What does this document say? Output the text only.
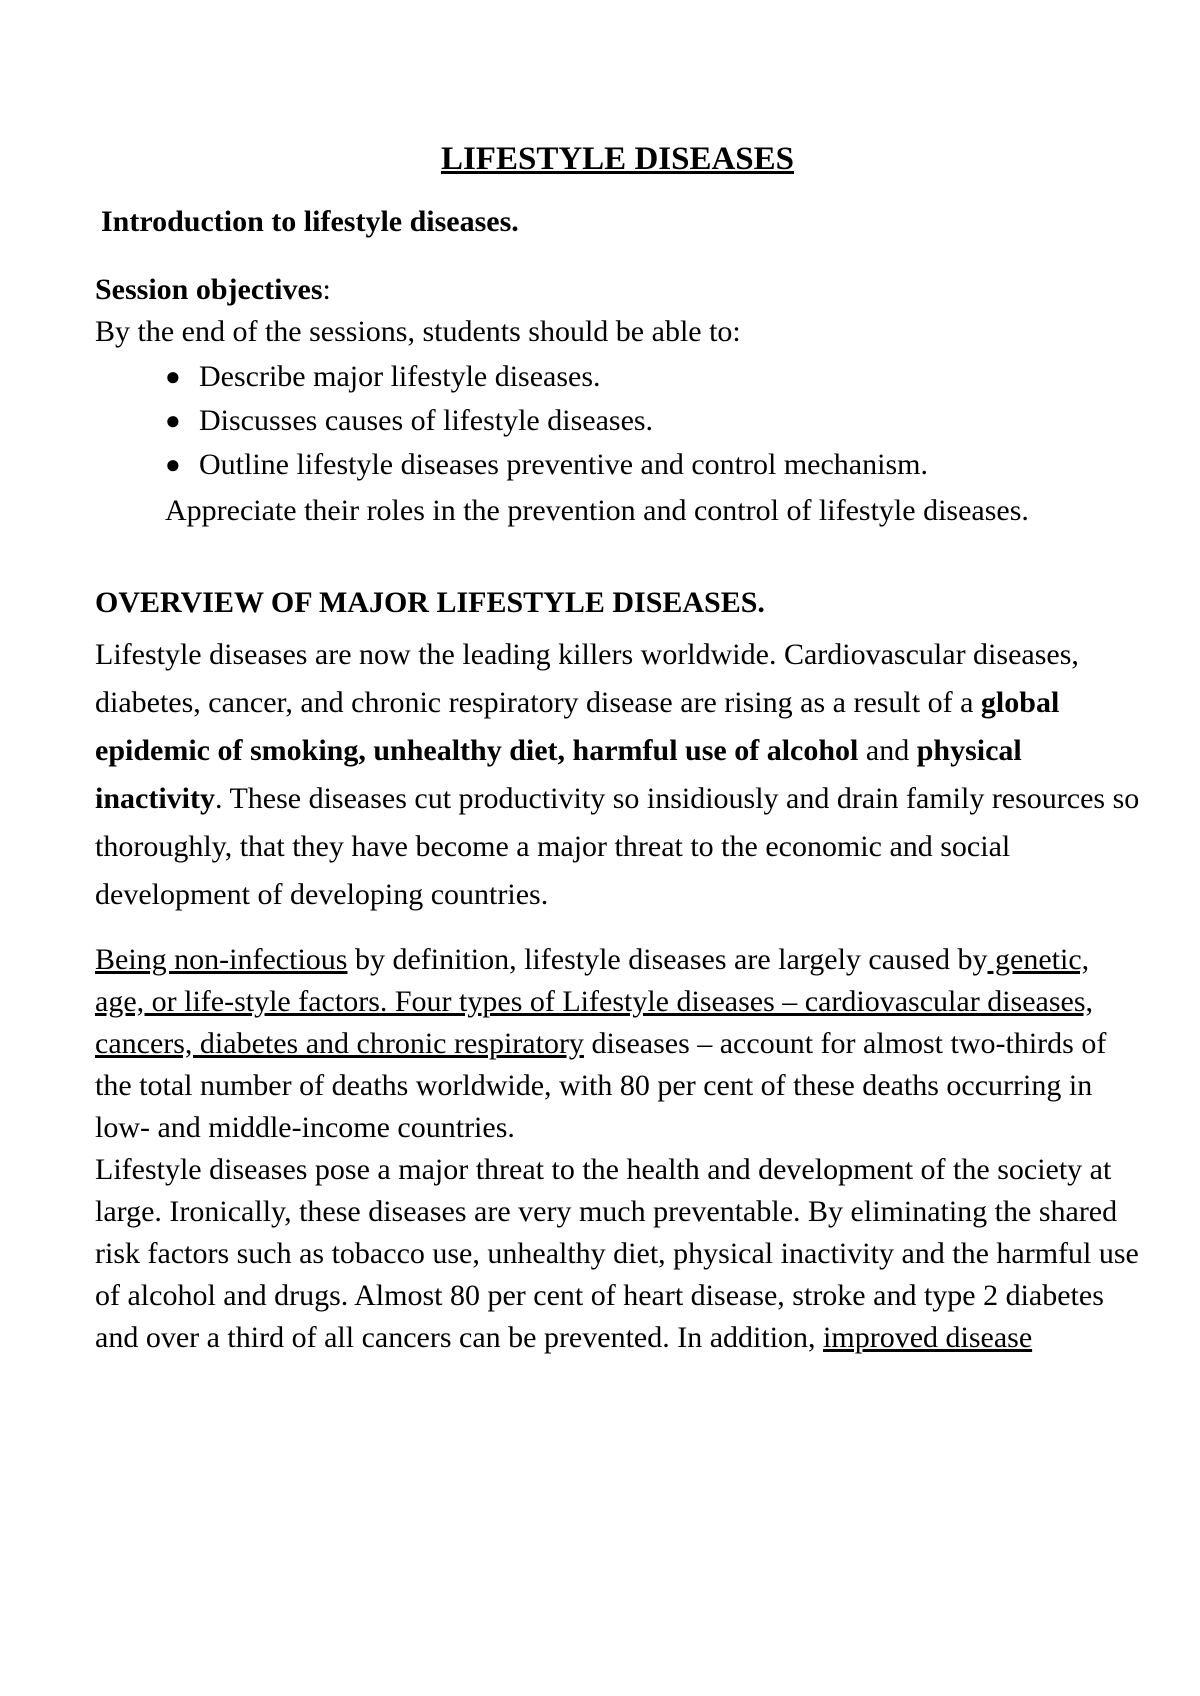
LIFESTYLE DISEASES
Introduction to lifestyle diseases.
Session objectives:
By the end of the sessions, students should be able to:
● Describe major lifestyle diseases.
● Discusses causes of lifestyle diseases.
● Outline lifestyle diseases preventive and control mechanism.
Appreciate their roles in the prevention and control of lifestyle diseases.
OVERVIEW OF MAJOR LIFESTYLE DISEASES.

Lifestyle diseases are now the leading killers worldwide. Cardiovascular diseases, diabetes, cancer, and chronic respiratory disease are rising as a result of a global epidemic of smoking, unhealthy diet, harmful use of alcohol and physical inactivity. These diseases cut productivity so insidiously and drain family resources so thoroughly, that they have become a major threat to the economic and social development of developing countries.

Being non-infectious by definition, lifestyle diseases are largely caused by genetic, age, or life-style factors. Four types of Lifestyle diseases – cardiovascular diseases, cancers, diabetes and chronic respiratory diseases – account for almost two-thirds of the total number of deaths worldwide, with 80 per cent of these deaths occurring in low- and middle-income countries.
Lifestyle diseases pose a major threat to the health and development of the society at large. Ironically, these diseases are very much preventable. By eliminating the shared risk factors such as tobacco use, unhealthy diet, physical inactivity and the harmful use of alcohol and drugs. Almost 80 per cent of heart disease, stroke and type 2 diabetes and over a third of all cancers can be prevented. In addition, improved disease
